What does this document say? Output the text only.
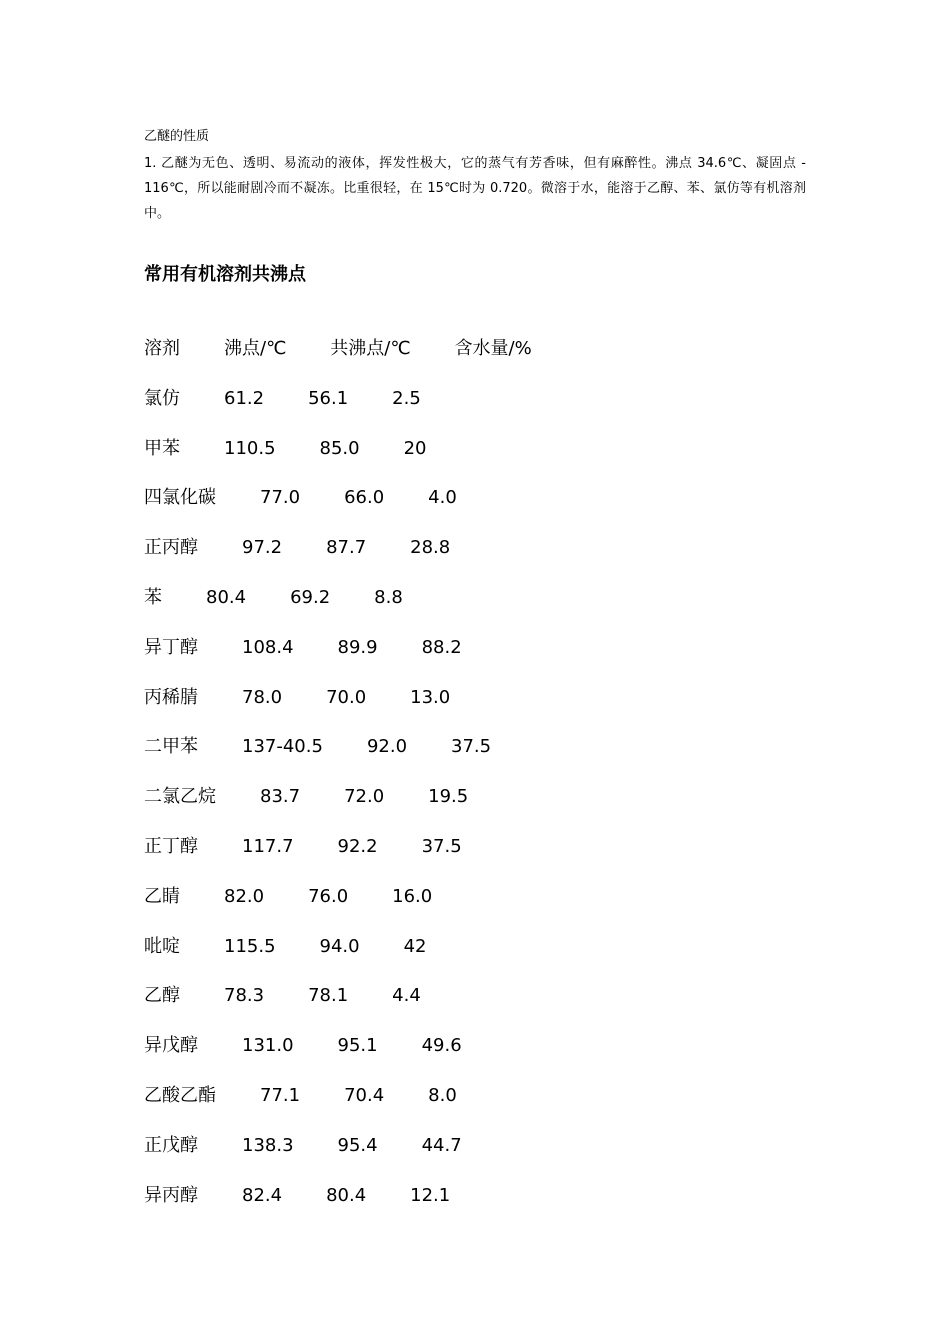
乙醚的性质
1. 乙醚为无色、透明、易流动的液体，挥发性极大，它的蒸气有芳香味，但有麻醉性。沸点 34.6℃、凝固点 - 116℃，所以能耐剧冷而不凝冻。比重很轻，在 15℃时为 0.720。微溶于水，能溶于乙醇、苯、氯仿等有机溶剂中。
常用有机溶剂共沸点
溶剂 沸点/℃ 共沸点/℃ 含水量/%
氯仿 61.2 56.1 2.5
甲苯 110.5 85.0 20
四氯化碳 77.0 66.0 4.0
正丙醇 97.2 87.7 28.8
苯 80.4 69.2 8.8
异丁醇 108.4 89.9 88.2
丙稀腈 78.0 70.0 13.0
二甲苯 137-40.5 92.0 37.5
二氯乙烷 83.7 72.0 19.5
正丁醇 117.7 92.2 37.5
乙睛 82.0 76.0 16.0
吡啶 115.5 94.0 42
乙醇 78.3 78.1 4.4
异戊醇 131.0 95.1 49.6
乙酸乙酯 77.1 70.4 8.0
正戊醇 138.3 95.4 44.7
异丙醇 82.4 80.4 12.1
